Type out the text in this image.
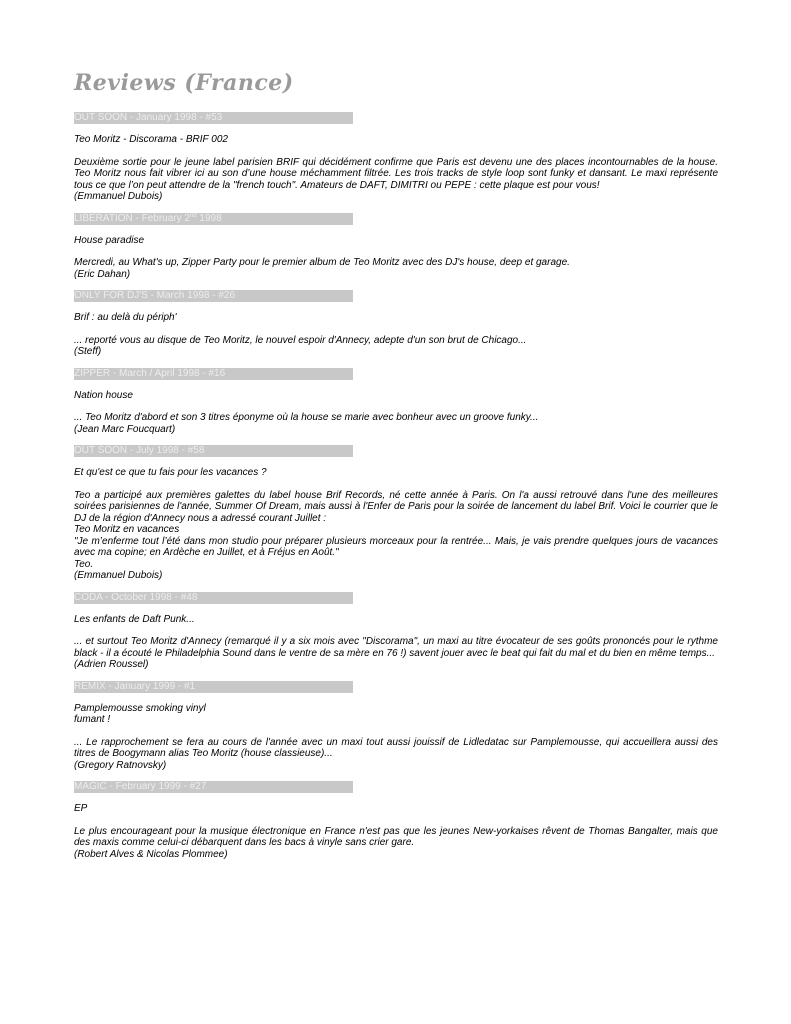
Reviews (France)
OUT SOON - January 1998 - #53

Teo Moritz - Discorama - BRIF 002

Deuxième sortie pour le jeune label parisien BRIF qui décidément confirme que Paris est devenu une des places incontournables de la house. Teo Moritz nous fait vibrer ici au son d’une house méchamment filtrée. Les trois tracks de style loop sont funky et dansant. Le maxi représente tous ce que l’on peut attendre de la "french touch". Amateurs de DAFT, DIMITRI ou PEPE : cette plaque est pour vous!
(Emmanuel Dubois)

LIBERATION - February 2nd 1998

House paradise

Mercredi, au What's up, Zipper Party pour le premier album de Teo Moritz avec des DJ's house, deep et garage.
(Eric Dahan)

ONLY FOR DJ'S - March 1998 - #26

Brif : au delà du périph'

... reporté vous au disque de Teo Moritz, le nouvel espoir d'Annecy, adepte d'un son brut de Chicago...
(Steff)

ZIPPER - March / April 1998 - #16

Nation house

... Teo Moritz d'abord et son 3 titres éponyme où la house se marie avec bonheur avec un groove funky...
(Jean Marc Foucquart)

OUT SOON - July 1998 - #58

Et qu'est ce que tu fais pour les vacances ?

Teo a participé aux premières galettes du label house Brif Records, né cette année à Paris. On l'a aussi retrouvé dans l'une des meilleures soirées parisiennes de l'année, Summer Of Dream, mais aussi à l'Enfer de Paris pour la soirée de lancement du label Brif. Voici le courrier que le DJ de la région d'Annecy nous a adressé courant Juillet :
Teo Moritz en vacances
"Je m’enferme tout l’été dans mon studio pour préparer plusieurs morceaux pour la rentrée... Mais, je vais prendre quelques jours de vacances avec ma copine; en Ardèche en Juillet, et à Fréjus en Août."
Teo.
(Emmanuel Dubois)

CODA - October 1998 - #48

Les enfants de Daft Punk...

... et surtout Teo Moritz d'Annecy (remarqué il y a six mois avec "Discorama", un maxi au titre évocateur de ses goûts prononcés pour le rythme black - il a écouté le Philadelphia Sound dans le ventre de sa mère en 76 !) savent jouer avec le beat qui fait du mal et du bien en même temps...
(Adrien Roussel)

REMIX - January 1999 - #1

Pamplemousse smoking vinyl
fumant !

... Le rapprochement se fera au cours de l'année avec un maxi tout aussi jouissif de Lidledatac sur Pamplemousse, qui accueillera aussi des titres de Boogymann alias Teo Moritz (house classieuse)...
(Gregory Ratnovsky)

MAGIC - February 1999 - #27

EP

Le plus encourageant pour la musique électronique en France n'est pas que les jeunes New-yorkaises rêvent de Thomas Bangalter, mais que des maxis comme celui-ci débarquent dans les bacs à vinyle sans crier gare.
(Robert Alves & Nicolas Plommee)
